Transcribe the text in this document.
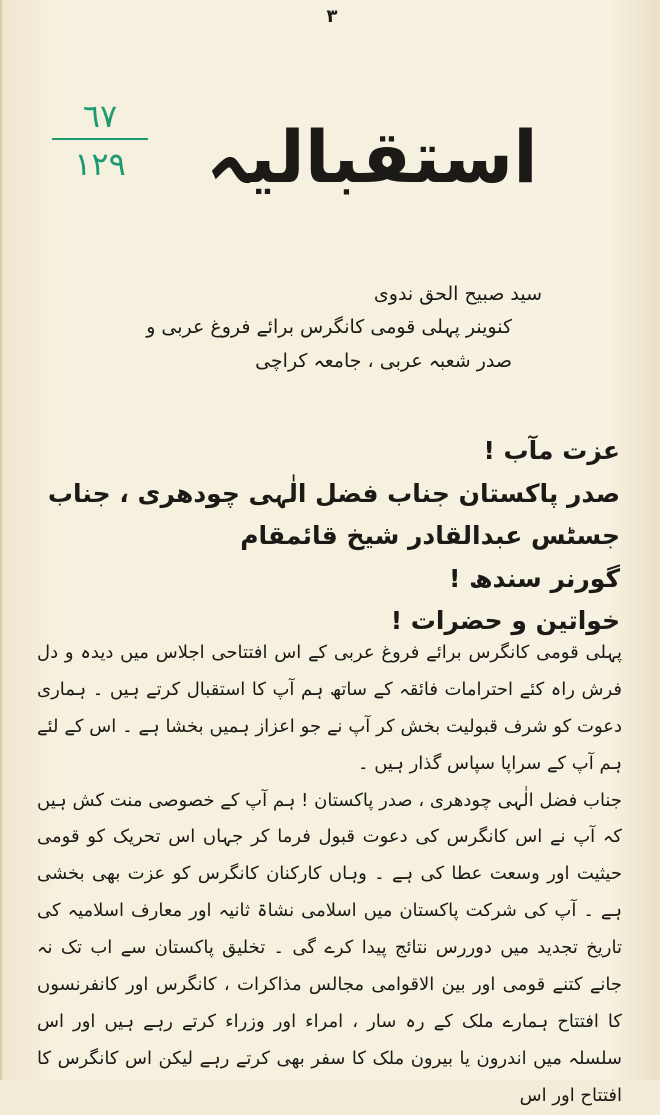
٣
٦٧
١٢٩	استقبالیہ
سید صبیح الحق ندوی
کنوینر پہلی قومی کانگرس برائے فروغ عربی و
صدر شعبہ عربی ، جامعہ کراچی
عزت مآب !
صدر پاکستان جناب فضل الٰہی چودھری ، جناب جسٹس عبدالقادر شیخ قائمقام
گورنر سندھ !
خواتین و حضرات !

پہلی قومی کانگرس برائے فروغ عربی کے اس افتتاحی اجلاس میں دیدہ و دل فرش راہ کئے احترامات فائقہ کے ساتھ ہم آپ کا استقبال کرتے ہیں ۔ ہماری دعوت کو شرف قبولیت بخش کر آپ نے جو اعزاز ہمیں بخشا ہے ۔ اس کے لئے ہم آپ کے سراپا سپاس گذار ہیں ۔

جناب فضل الٰہی چودھری ، صدر پاکستان ! ہم آپ کے خصوصی منت کش ہیں کہ آپ نے اس کانگرس کی دعوت قبول فرما کر جہاں اس تحریک کو قومی حیثیت اور وسعت عطا کی ہے ۔ وہاں کارکنان کانگرس کو عزت بھی بخشی ہے ۔ آپ کی شرکت پاکستان میں اسلامی نشاۃ ثانیہ اور معارف اسلامیہ کی تاریخ تجدید میں دوررس نتائج پیدا کرے گی ۔ تخلیق پاکستان سے اب تک نہ جانے کتنے قومی اور بین الاقوامی مجالس مذاکرات ، کانگرس اور کانفرنسوں کا افتتاح ہمارے ملک کے رہ سار ، امراء اور وزراء کرتے رہے ہیں اور اس سلسلہ میں اندرون یا بیرون ملک کا سفر بھی کرتے رہے لیکن اس کانگرس کا افتتاح اور اس
